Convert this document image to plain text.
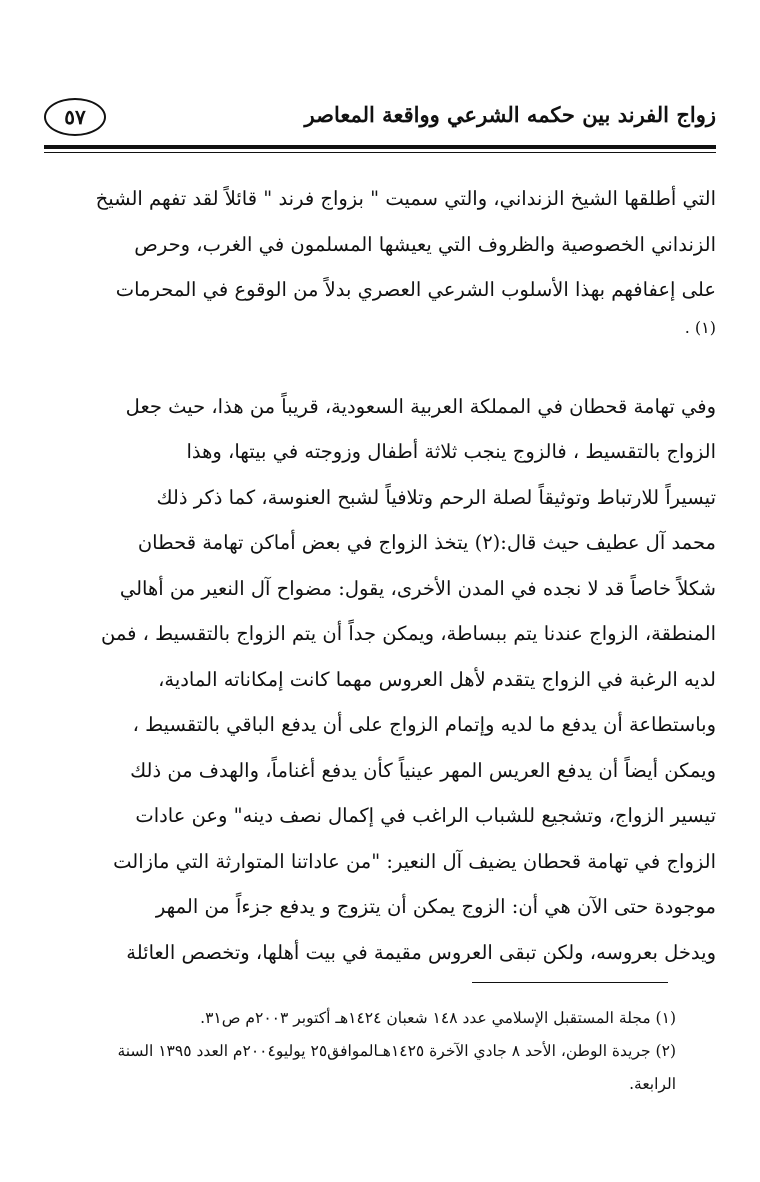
٥٧	زواج الفرند بين حكمه الشرعي وواقعة المعاصر

التي أطلقها الشيخ الزنداني، والتي سميت " بزواج فرند " قائلاً لقد تفهم الشيخ
الزنداني الخصوصية والظروف التي يعيشها المسلمون في الغرب، وحرص
على إعفافهم بهذا الأسلوب الشرعي العصري بدلاً من الوقوع في المحرمات
(١) .

وفي تهامة قحطان في المملكة العربية السعودية، قريباً من هذا، حيث جعل
الزواج بالتقسيط ، فالزوج ينجب ثلاثة أطفال وزوجته في بيتها، وهذا
تيسيراً للارتباط وتوثيقاً لصلة الرحم وتلافياً لشبح العنوسة، كما ذكر ذلك
محمد آل عطيف حيث قال:(٢) يتخذ الزواج في بعض أماكن تهامة قحطان
شكلاً خاصاً قد لا نجده في المدن الأخرى، يقول: مضواح آل النعير من أهالي
المنطقة، الزواج عندنا يتم ببساطة، ويمكن جداً أن يتم الزواج بالتقسيط ، فمن
لديه الرغبة في الزواج يتقدم لأهل العروس مهما كانت إمكاناته المادية،
وباستطاعة أن يدفع ما لديه وإتمام الزواج على أن يدفع الباقي بالتقسيط ،
ويمكن أيضاً أن يدفع العريس المهر عينياً كأن يدفع أغناماً، والهدف من ذلك
تيسير الزواج، وتشجيع للشباب الراغب في إكمال نصف دينه" وعن عادات
الزواج في تهامة قحطان يضيف آل النعير: "من عاداتنا المتوارثة التي مازالت
موجودة حتى الآن هي أن: الزوج يمكن أن يتزوج و يدفع جزءاً من المهر
ويدخل بعروسه، ولكن تبقى العروس مقيمة في بيت أهلها، وتخصص العائلة

(١) مجلة المستقبل الإسلامي عدد ١٤٨ شعبان ١٤٢٤هـ أكتوبر ٢٠٠٣م ص٣١.
(٢) جريدة الوطن، الأحد ٨ جادي الآخرة ١٤٢٥هـالموافق٢٥ يوليو٢٠٠٤م العدد ١٣٩٥ السنة
الرابعة.
